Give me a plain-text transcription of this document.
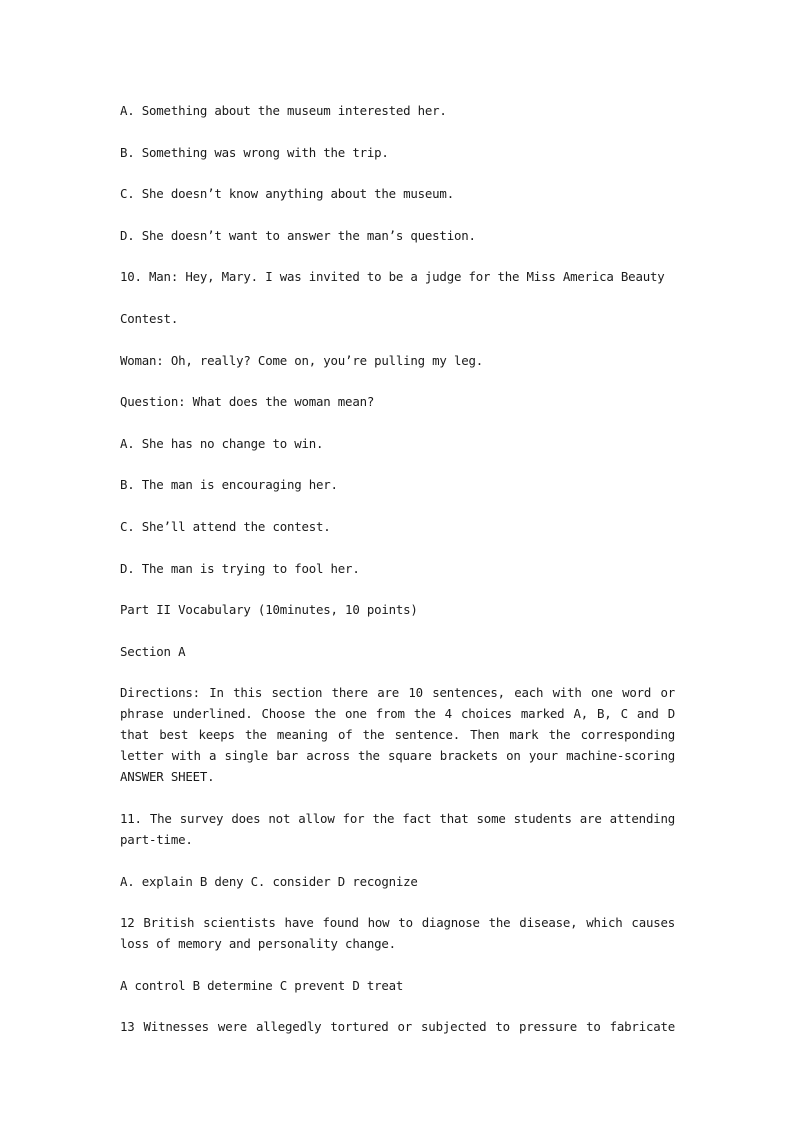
A. Something about the museum interested her.
B. Something was wrong with the trip.
C. She doesn’t know anything about the museum.
D. She doesn’t want to answer the man’s question.
10. Man: Hey, Mary. I was invited to be a judge for the Miss America Beauty
Contest.
Woman: Oh, really? Come on, you’re pulling my leg.
Question: What does the woman mean?
A. She has no change to win.
B. The man is encouraging her.
C. She’ll attend the contest.
D. The man is trying to fool her.
Part II Vocabulary (10minutes, 10 points)
Section A
Directions: In this section there are 10 sentences, each with one word or phrase underlined. Choose the one from the 4 choices marked A, B, C and D that best keeps the meaning of the sentence. Then mark the corresponding letter with a single bar across the square brackets on your machine-scoring ANSWER SHEET.
11. The survey does not allow for the fact that some students are attending part-time.
A. explain B deny C. consider D recognize
12 British scientists have found how to diagnose the disease, which causes loss of memory and personality change.
A control B determine C prevent D treat
13 Witnesses were allegedly tortured or subjected to pressure to fabricate
